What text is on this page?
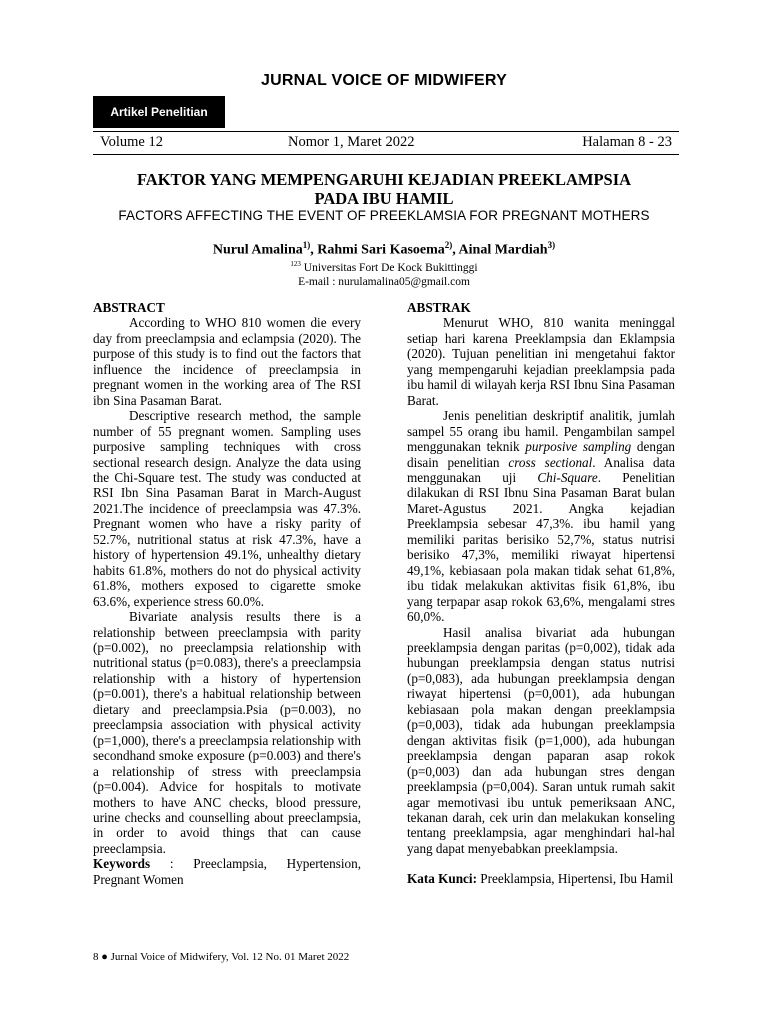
JURNAL VOICE OF MIDWIFERY
Artikel Penelitian
Volume 12	Nomor 1, Maret 2022	Halaman 8 - 23
FAKTOR YANG MEMPENGARUHI KEJADIAN PREEKLAMPSIA
PADA IBU HAMIL
FACTORS AFFECTING THE EVENT OF PREEKLAMSIA FOR PREGNANT MOTHERS
Nurul Amalina$^{1)}$, Rahmi Sari Kasoema$^{2)}$, Ainal Mardiah$^{3)}$
$^{123}$ Universitas Fort De Kock Bukittinggi
E-mail : nurulamalina05@gmail.com
ABSTRACT

According to WHO 810 women die every day from preeclampsia and eclampsia (2020). The purpose of this study is to find out the factors that influence the incidence of preeclampsia in pregnant women in the working area of The RSI ibn Sina Pasaman Barat.

Descriptive research method, the sample number of 55 pregnant women. Sampling uses purposive sampling techniques with cross sectional research design. Analyze the data using the Chi-Square test. The study was conducted at RSI Ibn Sina Pasaman Barat in March-August 2021.The incidence of preeclampsia was 47.3%. Pregnant women who have a risky parity of 52.7%, nutritional status at risk 47.3%, have a history of hypertension 49.1%, unhealthy dietary habits 61.8%, mothers do not do physical activity 61.8%, mothers exposed to cigarette smoke 63.6%, experience stress 60.0%.

Bivariate analysis results there is a relationship between preeclampsia with parity (p=0.002), no preeclampsia relationship with nutritional status (p=0.083), there's a preeclampsia relationship with a history of hypertension (p=0.001), there's a habitual relationship between dietary and preeclampsia.Psia (p=0.003), no preeclampsia association with physical activity (p=1,000), there's a preeclampsia relationship with secondhand smoke exposure (p=0.003) and there's a relationship of stress with preeclampsia (p=0.004). Advice for hospitals to motivate mothers to have ANC checks, blood pressure, urine checks and counselling about preeclampsia, in order to avoid things that can cause preeclampsia.

Keywords : Preeclampsia, Hypertension, Pregnant Women

ABSTRAK

Menurut WHO, 810 wanita meninggal setiap hari karena Preeklampsia dan Eklampsia (2020). Tujuan penelitian ini mengetahui faktor yang mempengaruhi kejadian preeklampsia pada ibu hamil di wilayah kerja RSI Ibnu Sina Pasaman Barat.

Jenis penelitian deskriptif analitik, jumlah sampel 55 orang ibu hamil. Pengambilan sampel menggunakan teknik purposive sampling dengan disain penelitian cross sectional. Analisa data menggunakan uji Chi-Square. Penelitian dilakukan di RSI Ibnu Sina Pasaman Barat bulan Maret-Agustus 2021. Angka kejadian Preeklampsia sebesar 47,3%. ibu hamil yang memiliki paritas berisiko 52,7%, status nutrisi berisiko 47,3%, memiliki riwayat hipertensi 49,1%, kebiasaan pola makan tidak sehat 61,8%, ibu tidak melakukan aktivitas fisik 61,8%, ibu yang terpapar asap rokok 63,6%, mengalami stres 60,0%.

Hasil analisa bivariat ada hubungan preeklampsia dengan paritas (p=0,002), tidak ada hubungan preeklampsia dengan status nutrisi (p=0,083), ada hubungan preeklampsia dengan riwayat hipertensi (p=0,001), ada hubungan kebiasaan pola makan dengan preeklampsia (p=0,003), tidak ada hubungan preeklampsia dengan aktivitas fisik (p=1,000), ada hubungan preeklampsia dengan paparan asap rokok (p=0,003) dan ada hubungan stres dengan preeklampsia (p=0,004). Saran untuk rumah sakit agar memotivasi ibu untuk pemeriksaan ANC, tekanan darah, cek urin dan melakukan konseling tentang preeklampsia, agar menghindari hal-hal yang dapat menyebabkan preeklampsia.

Kata Kunci: Preeklampsia, Hipertensi, Ibu Hamil

8 ● Jurnal Voice of Midwifery, Vol. 12 No. 01 Maret 2022
